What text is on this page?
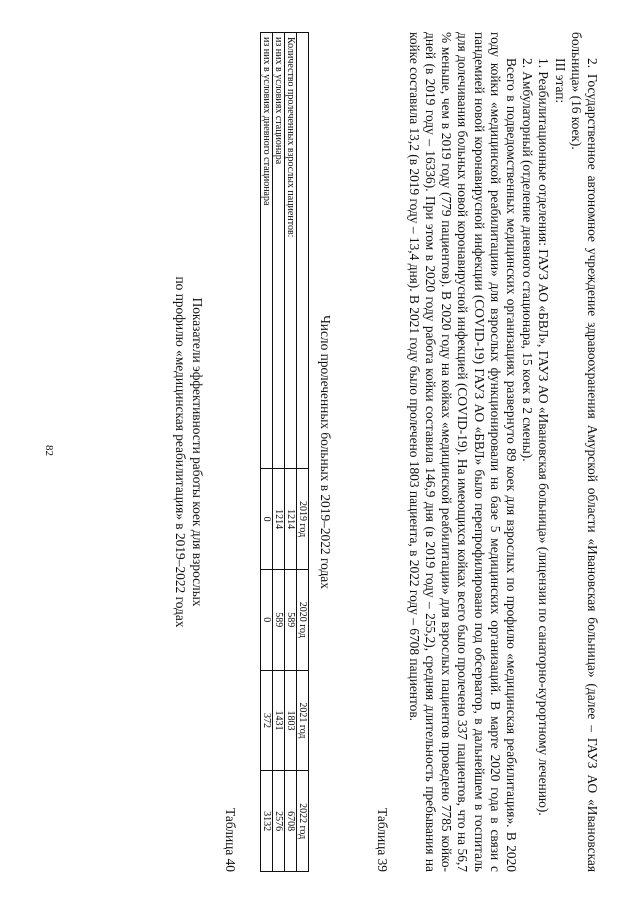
82	2. Государственное автономное учреждение здравоохранения Амурской области «Ивановская больница» (далее – ГАУЗ АО «Ивановская больница» (16 коек).

III этап:

1. Реабилитационные отделения: ГАУЗ АО «БВЛ», ГАУЗ АО «Ивановская больница» (лицензии по санаторно-курортному лечению).

2. Амбулаторный (отделение дневного стационара, 15 коек в 2 смены).

Всего в подведомственных медицинских организациях развернуто 89 коек для взрослых по профилю «медицинская реабилитация». В 2020 году койки «медицинской реабилитации» для взрослых функционировали на базе 5 медицинских организаций. В марте 2020 года в связи с пандемией новой коронавирусной инфекции (COVID-19) ГАУЗ АО «БВЛ» было перепрофилировано под обсерватор, в дальнейшем в госпиталь для долечивания больных новой коронавирусной инфекцией (COVID-19). На имеющихся койках всего было пролечено 337 пациентов, что на 56,7 % меньше, чем в 2019 году (779 пациентов). В 2020 году на койках «медицинской реабилитации» для взрослых пациентов проведено 7785 койко-дней (в 2019 году – 16336). При этом в 2020 году работа койки составила 146,9 дня (в 2019 году – 255,2), средняя длительность пребывания на койке составила 13,2 (в 2019 году – 13,4 дня). В 2021 году было пролечено 1803 пациента, в 2022 году – 6708 пациентов.

Таблица 39
Число пролеченных больных в 2019–2022 годах
	2019 год	2020 год	2021 год	2022 год
Количество пролеченных взрослых пациентов:	1214	589	1803	6708
из них в условиях стационара	1214	589	1431	2576
из них в условиях дневного стационара	0	0	372	3132
Таблица 40
Показатели эффективности работы коек для взрослых
по профилю «медицинская реабилитация» в 2019–2022 годах
